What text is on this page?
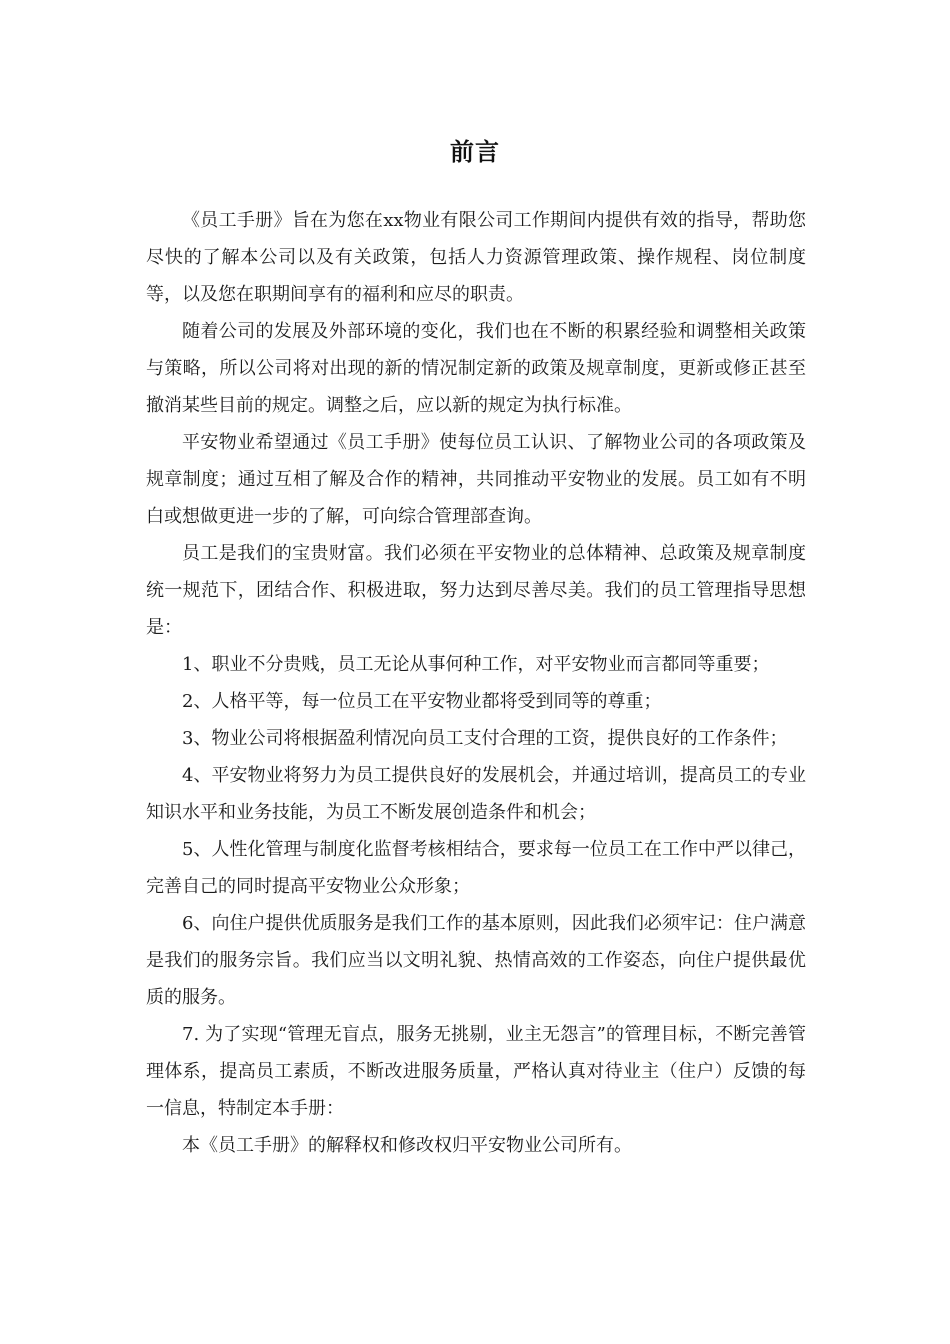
前言

《员工手册》旨在为您在xx物业有限公司工作期间内提供有效的指导，帮助您尽快的了解本公司以及有关政策，包括人力资源管理政策、操作规程、岗位制度等，以及您在职期间享有的福利和应尽的职责。

随着公司的发展及外部环境的变化，我们也在不断的积累经验和调整相关政策与策略，所以公司将对出现的新的情况制定新的政策及规章制度，更新或修正甚至撤消某些目前的规定。调整之后，应以新的规定为执行标准。

平安物业希望通过《员工手册》使每位员工认识、了解物业公司的各项政策及规章制度；通过互相了解及合作的精神，共同推动平安物业的发展。员工如有不明白或想做更进一步的了解，可向综合管理部查询。

员工是我们的宝贵财富。我们必须在平安物业的总体精神、总政策及规章制度统一规范下，团结合作、积极进取，努力达到尽善尽美。我们的员工管理指导思想是：

1、职业不分贵贱，员工无论从事何种工作，对平安物业而言都同等重要；

2、人格平等，每一位员工在平安物业都将受到同等的尊重；

3、物业公司将根据盈利情况向员工支付合理的工资，提供良好的工作条件；

4、平安物业将努力为员工提供良好的发展机会，并通过培训，提高员工的专业知识水平和业务技能，为员工不断发展创造条件和机会；

5、人性化管理与制度化监督考核相结合，要求每一位员工在工作中严以律己，完善自己的同时提高平安物业公众形象；

6、向住户提供优质服务是我们工作的基本原则，因此我们必须牢记：住户满意是我们的服务宗旨。我们应当以文明礼貌、热情高效的工作姿态，向住户提供最优质的服务。

7. 为了实现“管理无盲点，服务无挑剔，业主无怨言”的管理目标，不断完善管理体系，提高员工素质，不断改进服务质量，严格认真对待业主（住户）反馈的每一信息，特制定本手册：

本《员工手册》的解释权和修改权归平安物业公司所有。
